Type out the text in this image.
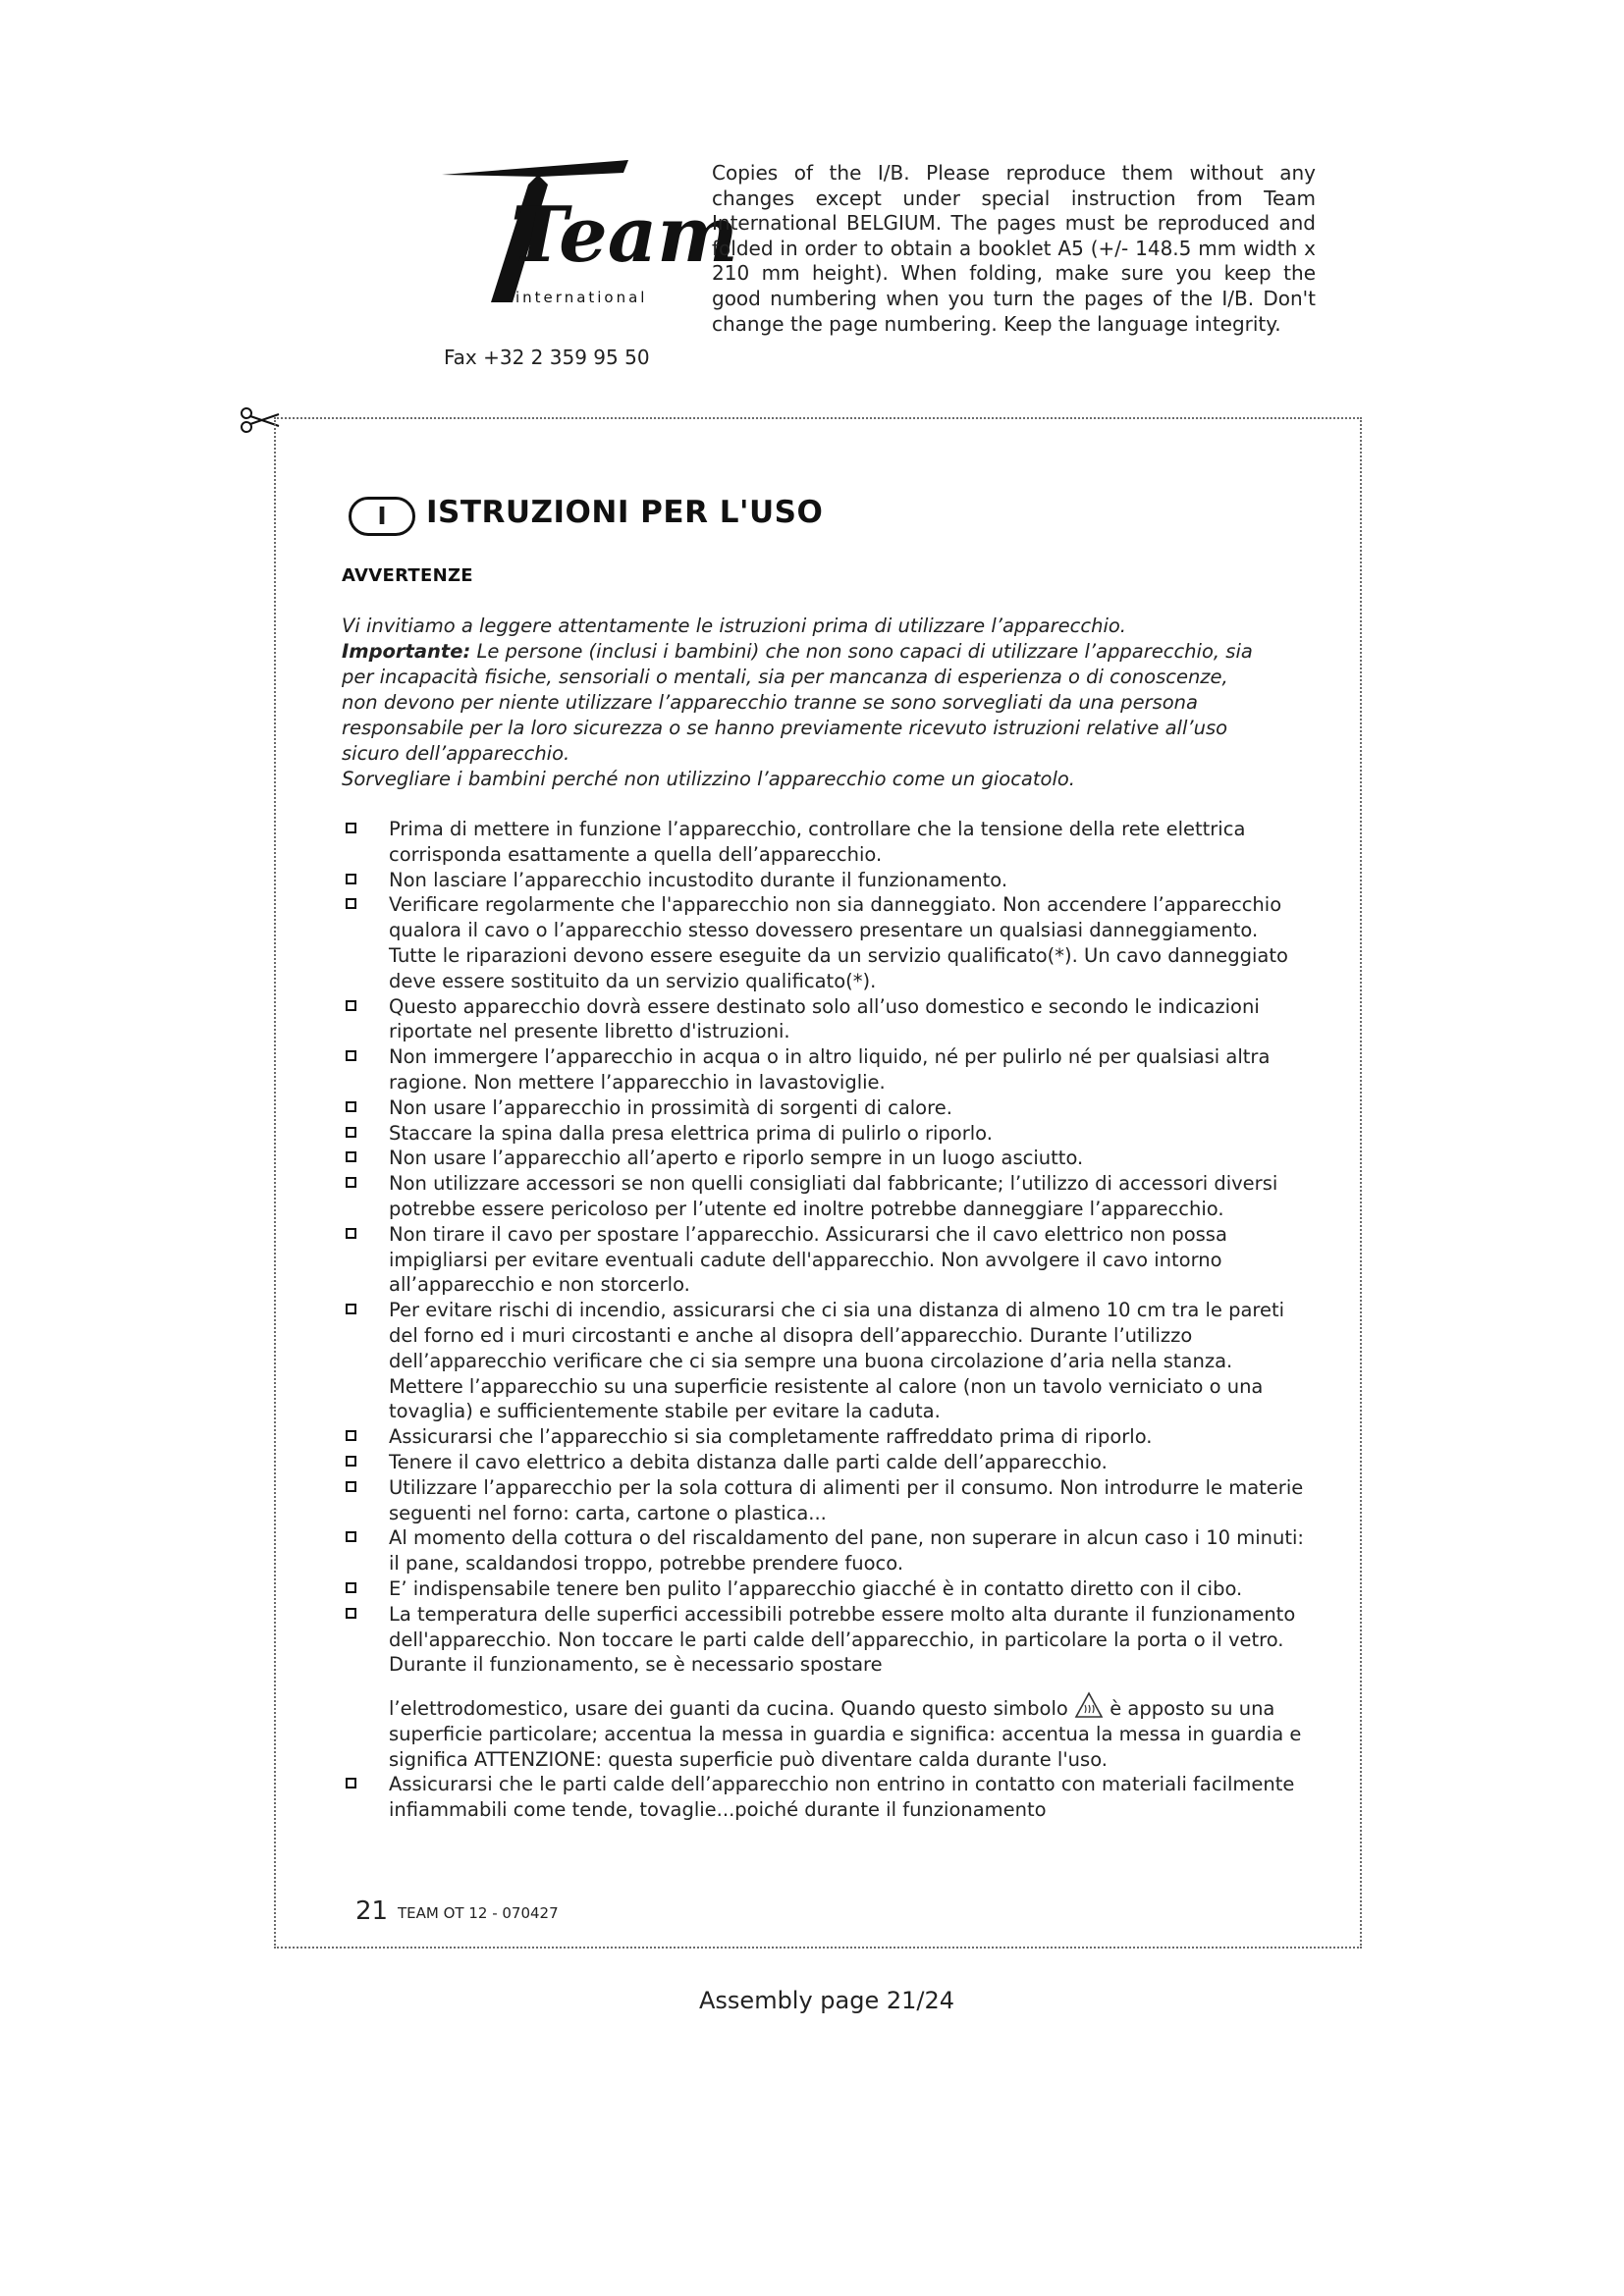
Team
international
Fax +32 2 359 95 50
Copies of the I/B. Please reproduce them without any changes except under special instruction from Team International BELGIUM. The pages must be reproduced and folded in order to obtain a booklet A5 (+/- 148.5 mm width x 210 mm height). When folding, make sure you keep the good numbering when you turn the pages of the I/B. Don't change the page numbering. Keep the language integrity.
I	ISTRUZIONI PER L'USO
AVVERTENZE

Vi invitiamo a leggere attentamente le istruzioni prima di utilizzare l’apparecchio.

Importante: Le persone (inclusi i bambini) che non sono capaci di utilizzare l’apparecchio, sia per incapacità fisiche, sensoriali o mentali, sia per mancanza di esperienza o di conoscenze, non devono per niente utilizzare l’apparecchio tranne se sono sorvegliati da una persona responsabile per la loro sicurezza o se hanno previamente ricevuto istruzioni relative all’uso sicuro dell’apparecchio.

Sorvegliare i bambini perché non utilizzino l’apparecchio come un giocatolo.

Prima di mettere in funzione l’apparecchio, controllare che la tensione della rete elettrica corrisponda esattamente a quella dell’apparecchio.
Non lasciare l’apparecchio incustodito durante il funzionamento.
Verificare regolarmente che l'apparecchio non sia danneggiato. Non accendere l’apparecchio qualora il cavo o l’apparecchio stesso dovessero presentare un qualsiasi danneggiamento. Tutte le riparazioni devono essere eseguite da un servizio qualificato(*). Un cavo danneggiato deve essere sostituito da un servizio qualificato(*).
Questo apparecchio dovrà essere destinato solo all’uso domestico e secondo le indicazioni riportate nel presente libretto d'istruzioni.
Non immergere l’apparecchio in acqua o in altro liquido, né per pulirlo né per qualsiasi altra ragione. Non mettere l’apparecchio in lavastoviglie.
Non usare l’apparecchio in prossimità di sorgenti di calore.
Staccare la spina dalla presa elettrica prima di pulirlo o riporlo.
Non usare l’apparecchio all’aperto e riporlo sempre in un luogo asciutto.
Non utilizzare accessori se non quelli consigliati dal fabbricante; l’utilizzo di accessori diversi potrebbe essere pericoloso per l’utente ed inoltre potrebbe danneggiare l’apparecchio.
Non tirare il cavo per spostare l’apparecchio. Assicurarsi che il cavo elettrico non possa impigliarsi per evitare eventuali cadute dell'apparecchio. Non avvolgere il cavo intorno all’apparecchio e non storcerlo.
Per evitare rischi di incendio, assicurarsi che ci sia una distanza di almeno 10 cm tra le pareti del forno ed i muri circostanti e anche al disopra dell’apparecchio. Durante l’utilizzo dell’apparecchio verificare che ci sia sempre una buona circolazione d’aria nella stanza. Mettere l’apparecchio su una superficie resistente al calore (non un tavolo verniciato o una tovaglia) e sufficientemente stabile per evitare la caduta.
Assicurarsi che l’apparecchio si sia completamente raffreddato prima di riporlo.
Tenere il cavo elettrico a debita distanza dalle parti calde dell’apparecchio.
Utilizzare l’apparecchio per la sola cottura di alimenti per il consumo. Non introdurre le materie seguenti nel forno: carta, cartone o plastica...
Al momento della cottura o del riscaldamento del pane, non superare in alcun caso i 10 minuti: il pane, scaldandosi troppo, potrebbe prendere fuoco.
E’ indispensabile tenere ben pulito l’apparecchio giacché è in contatto diretto con il cibo.
La temperatura delle superfici accessibili potrebbe essere molto alta durante il funzionamento dell'apparecchio. Non toccare le parti calde dell’apparecchio, in particolare la porta o il vetro. Durante il funzionamento, se è necessario spostare
l’elettrodomestico, usare dei guanti da cucina. Quando questo simbolo  è apposto su una superficie particolare; accentua la messa in guardia e significa: accentua la messa in guardia e significa ATTENZIONE: questa superficie può diventare calda durante l'uso.
Assicurarsi che le parti calde dell’apparecchio non entrino in contatto con materiali facilmente infiammabili come tende, tovaglie...poiché durante il funzionamento
21 TEAM OT 12 - 070427
Assembly page 21/24
